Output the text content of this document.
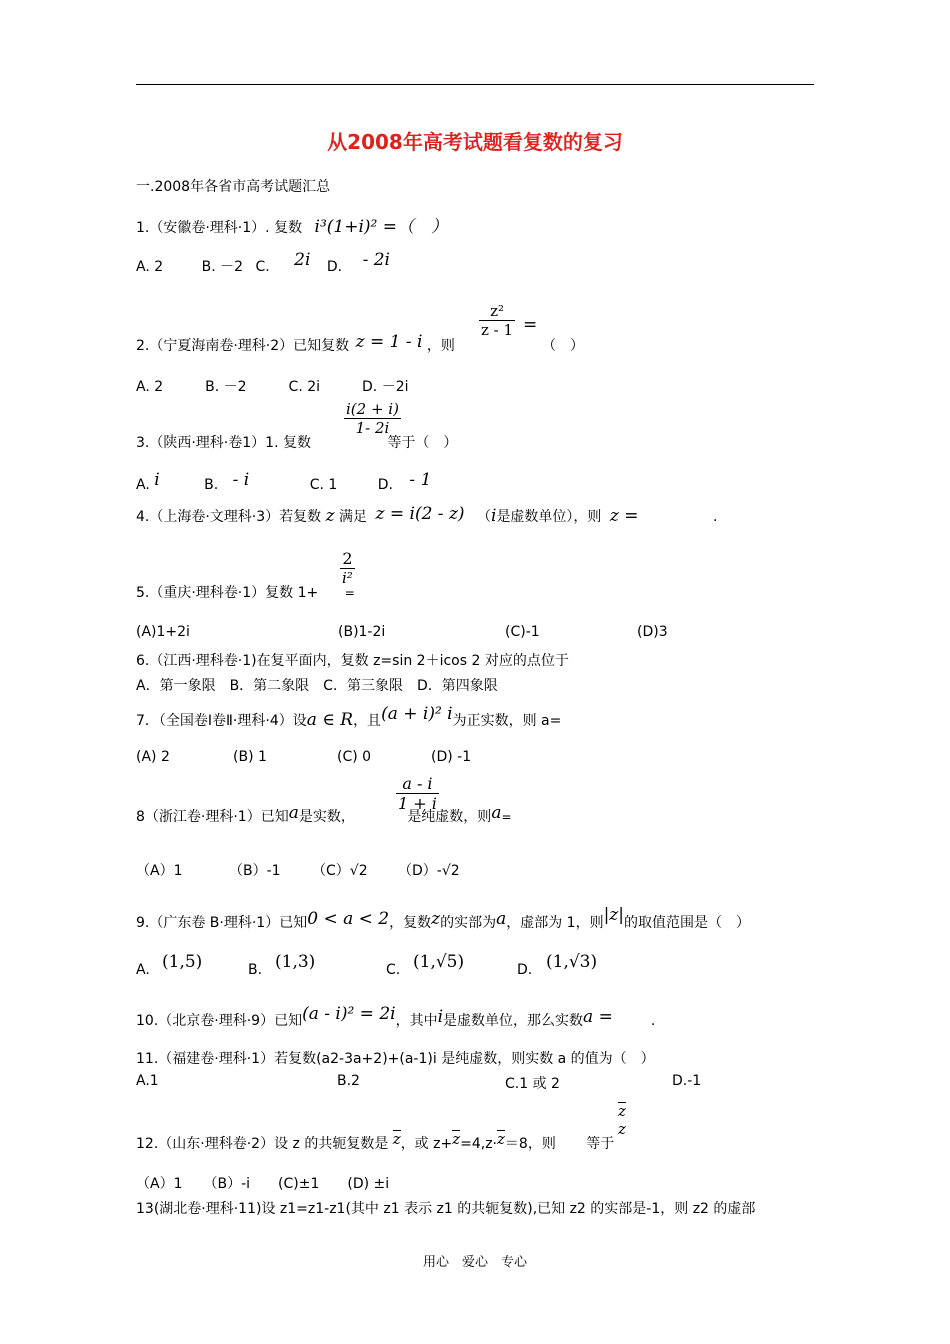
从2008年高考试题看复数的复习
一.2008年各省市高考试题汇总
1.（安徽卷·理科·1）. 复数 i³(1+i)² =（　）
A. 2	B. －2 C. 2i D. - 2i
2.（宁夏海南卷·理科·2）已知复数 z = 1 - i ，则
$\frac{\text{z²}}{z - 1}$ =
（　）
A. 2　　　B. －2　　　C. 2i　　　D. －2i
$\frac{i(2 + i)}{1- 2i}$
3.（陕西·理科·卷1）1. 复数	等于（　）
A. i	B. - i	C. 1	D. - 1
4.（上海卷·文理科·3）若复数 z 满足 z = i(2 - z) （i是虚数单位），则 z =	.
$\frac{2}{\text{i²}}$
5.（重庆·理科卷·1）复数 1+ =
(A)1+2i	(B)1-2i	(C)-1	(D)3
6.（江西·理科卷·1)在复平面内，复数 z=sin 2＋icos 2 对应的点位于
A．第一象限　B．第二象限　C．第三象限　D．第四象限
7．（全国卷Ⅰ卷Ⅱ·理科·4）设a ∈ R，且(a + i)² i为正实数，则 a=
(A) 2	(B) 1	(C) 0	(D) -1
$\frac{a - i}{1 + i}$
8（浙江卷·理科·1）已知a是实数，	是纯虚数，则a=
（A）1	（B）-1 （C）√2 （D）-√2
9.（广东卷 B·理科·1）已知0 < a < 2，复数z的实部为a，虚部为 1，则|z|的取值范围是（　）
A. (1,5)	B. (1,3)	C. (1,√5)	D. (1,√3)
10.（北京卷·理科·9）已知(a - i)² = 2i，其中i是虚数单位，那么实数a =	.
11.（福建卷·理科·1）若复数(a2-3a+2)+(a-1)i 是纯虚数，则实数 a 的值为（　）
A.1	B.2	C.1 或 2	D.-1
z
z
12.（山东·理科卷·2）设 z 的共轭复数是 z，或 z+z=4,z·z＝8，则 等于
（A）1　　（B）-i　　(C)±1　　(D) ±i
13(湖北卷·理科·11)设 z1=z1-z1(其中 z1 表示 z1 的共轭复数),已知 z2 的实部是-1，则 z2 的虚部
用心　爱心　专心
